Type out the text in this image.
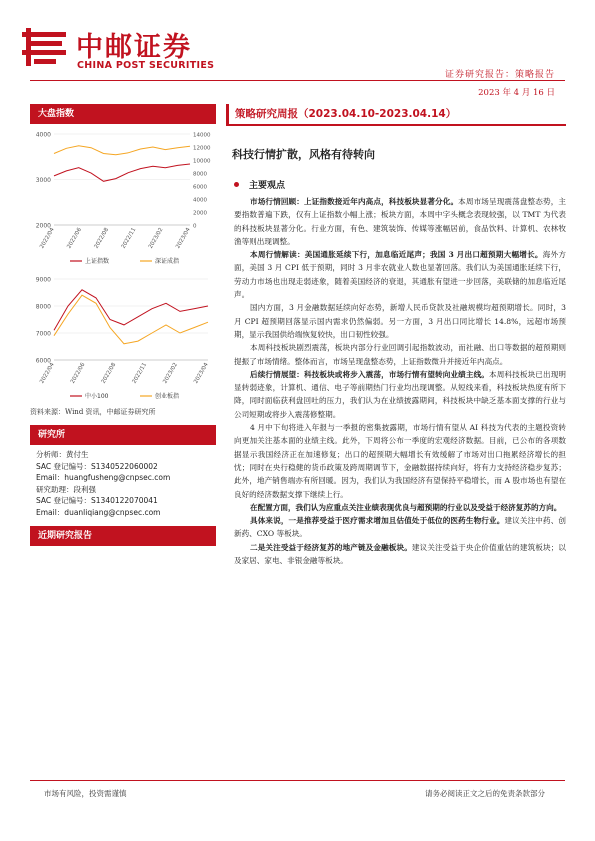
中邮证券
CHINA POST SECURITIES
证券研究报告：策略报告
2023 年 4 月 16 日
大盘指数
2000
3000
4000
0
2000
4000
6000
8000
10000
12000
14000
2022/04 2022/06 2022/08 2022/11 2023/02 2023/04
上证指数	深证成指
6000
7000
8000
9000
2022/04	2022/06	2022/08	2022/11	2023/02	2023/04
中小100	创业板指
资料来源：Wind 资讯，中邮证券研究所
研究所
分析师：黄付生
SAC 登记编号：S1340522060002
Email：huangfusheng@cnpsec.com
研究助理：段利强
SAC 登记编号：S1340122070041
Email：duanliqiang@cnpsec.com
近期研究报告
策略研究周报（2023.04.10-2023.04.14）
科技行情扩散，风格有待转向
主要观点

市场行情回顾：上证指数接近年内高点，科技板块显著分化。本周市场呈现震荡盘整态势，主要指数普遍下跌，仅有上证指数小幅上涨；板块方面，本周中字头概念表现较强，以 TMT 为代表的科技板块显著分化。行业方面，有色、建筑装饰、传媒等涨幅居前，食品饮料、计算机、农林牧渔等则出现调整。

本周行情解读：美国通胀延续下行，加息临近尾声；我国 3 月出口超预期大幅增长。海外方面，美国 3 月 CPI 低于预期，同时 3 月非农就业人数也显著回落。我们认为美国通胀延续下行，劳动力市场也出现走弱迹象，随着美国经济的衰退，其通胀有望进一步回落，美联储的加息临近尾声。

国内方面，3 月金融数据延续向好态势，新增人民币贷款及社融规模均超预期增长。同时，3 月 CPI 超预期回落显示国内需求仍然偏弱。另一方面，3 月出口同比增长 14.8%，远超市场预期，显示我国供给端恢复较快，出口韧性较强。

本周科技板块剧烈震荡，板块内部分行业回调引起指数波动，而社融、出口等数据的超预期则提振了市场情绪。整体而言，市场呈现盘整态势，上证指数微升并接近年内高点。

后续行情展望：科技板块或将步入震荡，市场行情有望转向业绩主线。本周科技板块已出现明显转弱迹象，计算机、通信、电子等前期热门行业均出现调整。从短线来看，科技板块热度有所下降，同时面临获利盘回吐的压力，我们认为在业绩披露期间，科技板块中缺乏基本面支撑的行业与公司短期或将步入震荡修整期。

4 月中下旬将进入年报与一季报的密集披露期，市场行情有望从 AI 科技为代表的主题投资转向更加关注基本面的业绩主线。此外，下周将公布一季度的宏观经济数据。目前，已公布的各项数据显示我国经济正在加速修复；出口的超预期大幅增长有效缓解了市场对出口拖累经济增长的担忧；同时在央行稳健的货币政策及跨周期调节下，金融数据持续向好，将有力支持经济稳步复苏；此外，地产销售端亦有所回暖。因为，我们认为我国经济有望保持平稳增长，而 A 股市场也有望在良好的经济数据支撑下继续上行。

在配置方面，我们认为应重点关注业绩表现优良与超预期的行业以及受益于经济复苏的方向。

具体来说，一是推荐受益于医疗需求增加且估值处于低位的医药生物行业。建议关注中药、创新药、CXO 等板块。

二是关注受益于经济复苏的地产链及金融板块。建议关注受益于央企价值重估的建筑板块；以及家居、家电、非银金融等板块。

市场有风险，投资需谨慎	请务必阅读正文之后的免责条款部分
